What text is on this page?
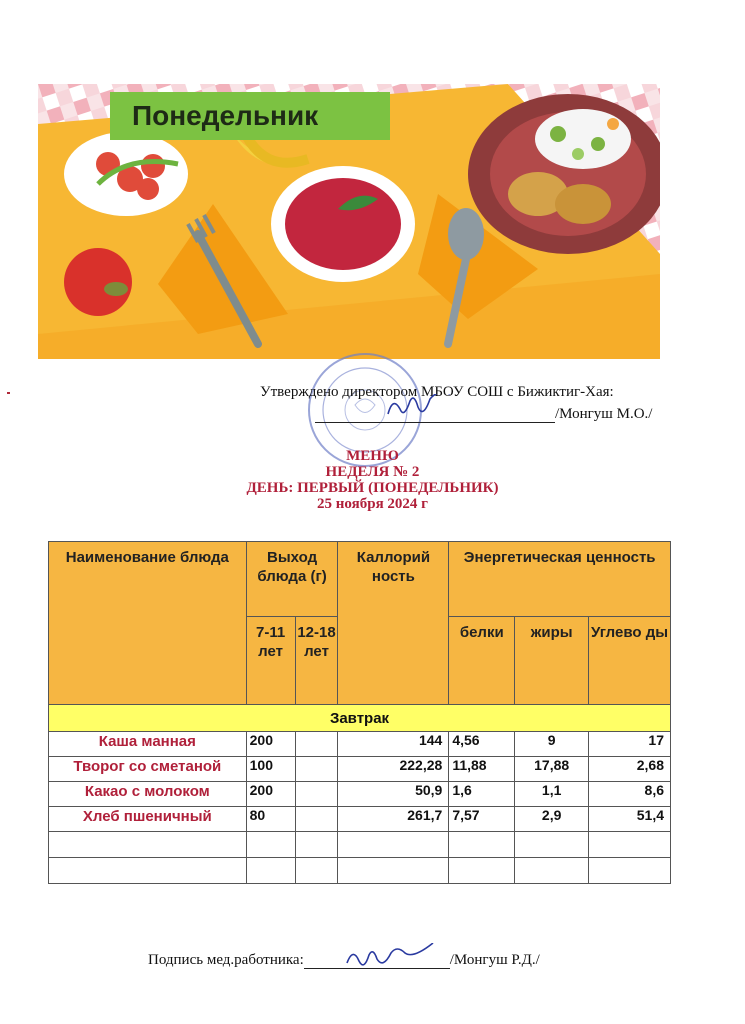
Понедельник
Утверждено директором МБОУ СОШ с Бижиктиг-Хая:
/Монгуш М.О./
МЕНЮ
НЕДЕЛЯ № 2
ДЕНЬ: ПЕРВЫЙ (ПОНЕДЕЛЬНИК)
25 ноября 2024 г
Наименование блюда	Выход блюда (г)		Каллорий ность	Энергетическая ценность		
	7-11 лет	12-18 лет		белки	жиры	Углево ды
Завтрак						
Каша манная	200		144	4,56	9	17
Творог со сметаной	100		222,28	11,88	17,88	2,68
Какао с молоком	200		50,9	1,6	1,1	8,6
Хлеб пшеничный	80		261,7	7,57	2,9	51,4

Подпись мед.работника:	/Монгуш Р.Д./
